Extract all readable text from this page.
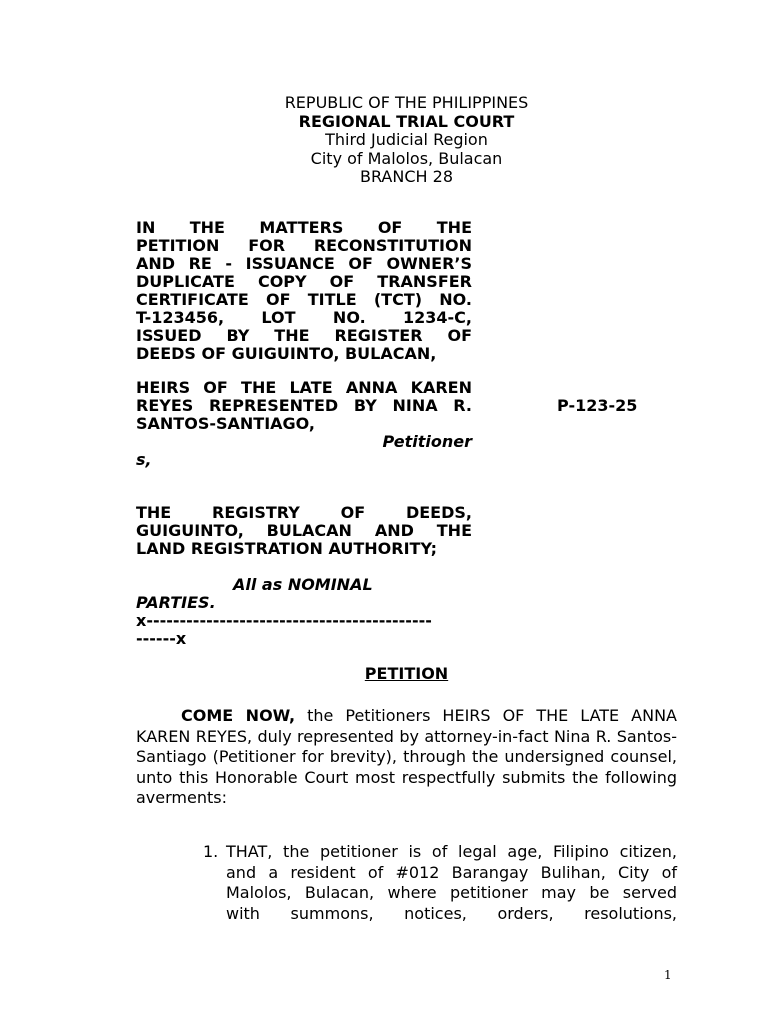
REPUBLIC OF THE PHILIPPINES
REGIONAL TRIAL COURT
Third Judicial Region
City of Malolos, Bulacan
BRANCH 28
IN THE MATTERS OF THE
PETITION FOR RECONSTITUTION
AND RE - ISSUANCE OF OWNER’S
DUPLICATE COPY OF TRANSFER
CERTIFICATE OF TITLE (TCT) NO.
T-123456, LOT NO. 1234-C,
ISSUED BY THE REGISTER OF
DEEDS OF GUIGUINTO, BULACAN,
HEIRS OF THE LATE ANNA KAREN
REYES REPRESENTED BY NINA R.
SANTOS-SANTIAGO,
Petitioner
s,
P-123-25
THE REGISTRY OF DEEDS,
GUIGUINTO, BULACAN AND THE
LAND REGISTRATION AUTHORITY;
All as NOMINAL
PARTIES.
x-------------------------------------------
------x
PETITION
COME NOW, the Petitioners HEIRS OF THE LATE ANNA KAREN REYES, duly represented by attorney-in-fact Nina R. Santos-Santiago (Petitioner for brevity), through the undersigned counsel, unto this Honorable Court most respectfully submits the following averments:
1. THAT, the petitioner is of legal age, Filipino citizen,
and a resident of #012 Barangay Bulihan, City of
Malolos, Bulacan, where petitioner may be served
with summons, notices, orders, resolutions,
1
